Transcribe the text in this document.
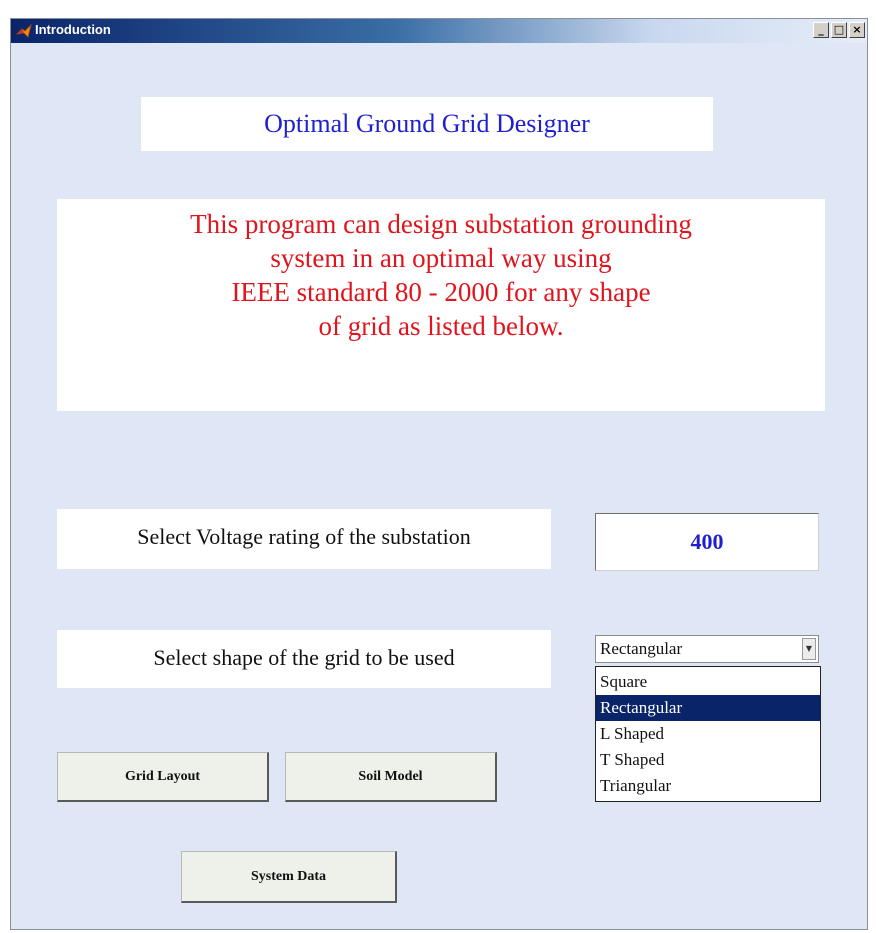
Introduction	_ □ ×
Optimal Ground Grid Designer
This program can design substation grounding
system in an optimal way using
IEEE standard 80 - 2000 for any shape
of grid as listed below.
Select Voltage rating of the substation
400
Select shape of the grid to be used	Rectangular	▼
Square
Rectangular
L Shaped
T Shaped
Triangular
Grid Layout	Soil Model
System Data
